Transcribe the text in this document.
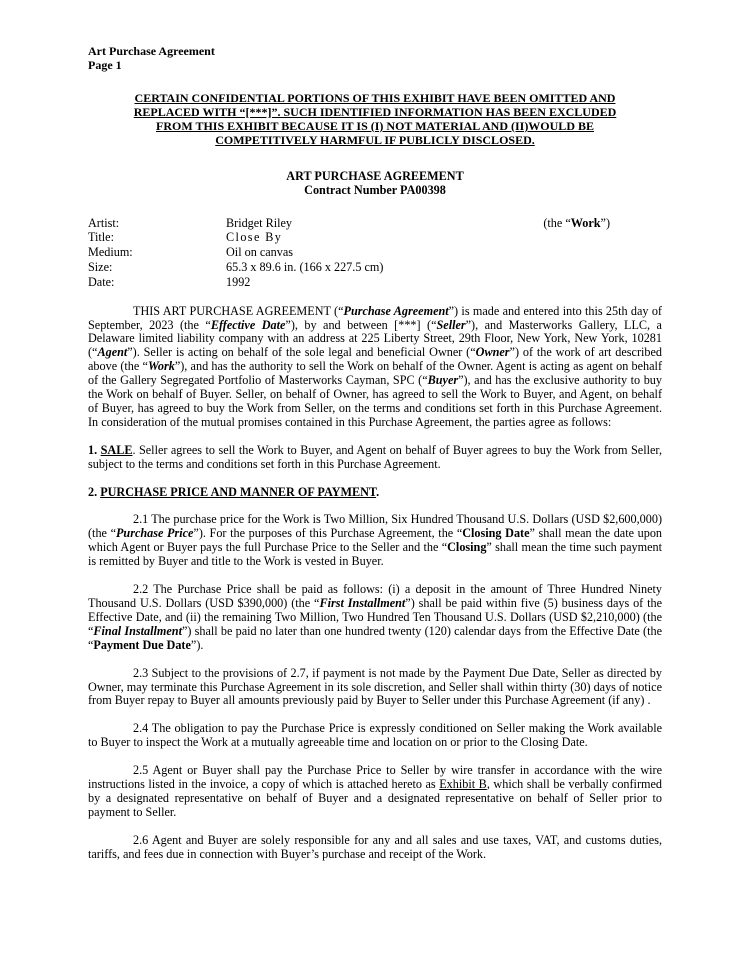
Art Purchase Agreement
Page 1
CERTAIN CONFIDENTIAL PORTIONS OF THIS EXHIBIT HAVE BEEN OMITTED AND
REPLACED WITH “[***]”. SUCH IDENTIFIED INFORMATION HAS BEEN EXCLUDED
FROM THIS EXHIBIT BECAUSE IT IS (I) NOT MATERIAL AND (II)WOULD BE
COMPETITIVELY HARMFUL IF PUBLICLY DISCLOSED.
ART PURCHASE AGREEMENT
Contract Number PA00398
Artist:	Bridget Riley	(the “Work”)
Title:	Close By
Medium:	Oil on canvas
Size:	65.3 x 89.6 in. (166 x 227.5 cm)
Date:	1992

THIS ART PURCHASE AGREEMENT (“Purchase Agreement”) is made and entered into this 25th day of September, 2023 (the “Effective Date”), by and between [***] (“Seller”), and Masterworks Gallery, LLC, a Delaware limited liability company with an address at 225 Liberty Street, 29th Floor, New York, New York, 10281 (“Agent”). Seller is acting on behalf of the sole legal and beneficial Owner (“Owner”) of the work of art described above (the “Work”), and has the authority to sell the Work on behalf of the Owner. Agent is acting as agent on behalf of the Gallery Segregated Portfolio of Masterworks Cayman, SPC (“Buyer”), and has the exclusive authority to buy the Work on behalf of Buyer. Seller, on behalf of Owner, has agreed to sell the Work to Buyer, and Agent, on behalf of Buyer, has agreed to buy the Work from Seller, on the terms and conditions set forth in this Purchase Agreement. In consideration of the mutual promises contained in this Purchase Agreement, the parties agree as follows:

1. SALE. Seller agrees to sell the Work to Buyer, and Agent on behalf of Buyer agrees to buy the Work from Seller, subject to the terms and conditions set forth in this Purchase Agreement.

2. PURCHASE PRICE AND MANNER OF PAYMENT.

2.1 The purchase price for the Work is Two Million, Six Hundred Thousand U.S. Dollars (USD $2,600,000) (the “Purchase Price”). For the purposes of this Purchase Agreement, the “Closing Date” shall mean the date upon which Agent or Buyer pays the full Purchase Price to the Seller and the “Closing” shall mean the time such payment is remitted by Buyer and title to the Work is vested in Buyer.

2.2 The Purchase Price shall be paid as follows: (i) a deposit in the amount of Three Hundred Ninety Thousand U.S. Dollars (USD $390,000) (the “First Installment”) shall be paid within five (5) business days of the Effective Date, and (ii) the remaining Two Million, Two Hundred Ten Thousand U.S. Dollars (USD $2,210,000) (the “Final Installment”) shall be paid no later than one hundred twenty (120) calendar days from the Effective Date (the “Payment Due Date”).

2.3 Subject to the provisions of 2.7, if payment is not made by the Payment Due Date, Seller as directed by Owner, may terminate this Purchase Agreement in its sole discretion, and Seller shall within thirty (30) days of notice from Buyer repay to Buyer all amounts previously paid by Buyer to Seller under this Purchase Agreement (if any) .

2.4 The obligation to pay the Purchase Price is expressly conditioned on Seller making the Work available to Buyer to inspect the Work at a mutually agreeable time and location on or prior to the Closing Date.

2.5 Agent or Buyer shall pay the Purchase Price to Seller by wire transfer in accordance with the wire instructions listed in the invoice, a copy of which is attached hereto as Exhibit B, which shall be verbally confirmed by a designated representative on behalf of Buyer and a designated representative on behalf of Seller prior to payment to Seller.

2.6 Agent and Buyer are solely responsible for any and all sales and use taxes, VAT, and customs duties, tariffs, and fees due in connection with Buyer’s purchase and receipt of the Work.
